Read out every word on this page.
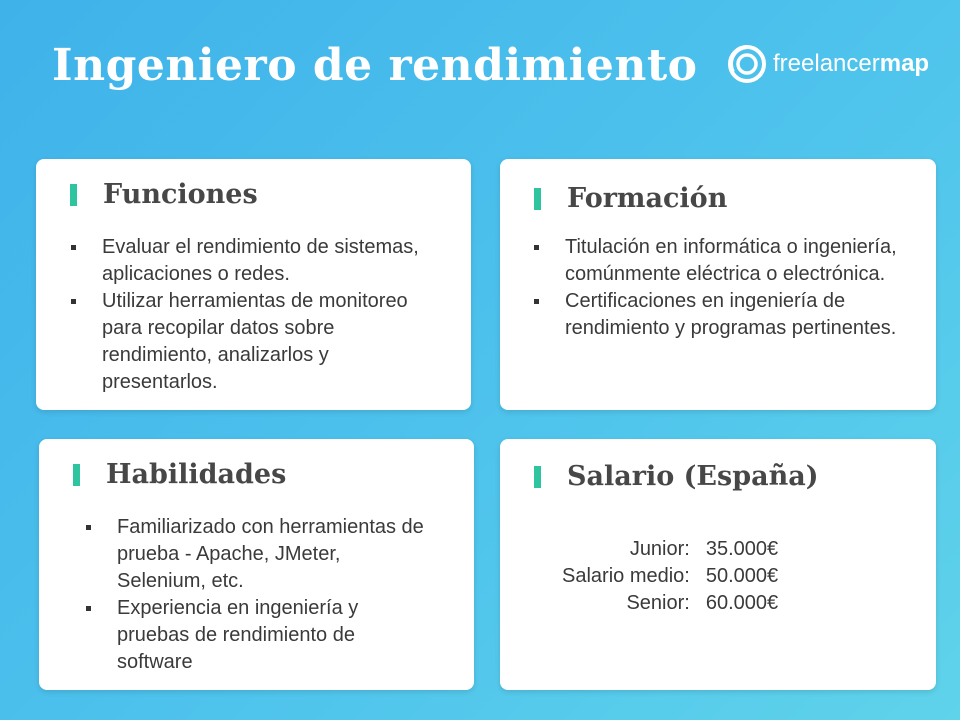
Ingeniero de rendimiento	freelancermap
Funciones
Evaluar el rendimiento de sistemas, aplicaciones o redes.
Utilizar herramientas de monitoreo para recopilar datos sobre rendimiento, analizarlos y presentarlos.
Formación
Titulación en informática o ingeniería, comúnmente eléctrica o electrónica.
Certificaciones en ingeniería de rendimiento y programas pertinentes.
Habilidades
Familiarizado con herramientas de prueba - Apache, JMeter, Selenium, etc.
Experiencia en ingeniería y pruebas de rendimiento de software
Salario (España)
Junior:	35.000€
Salario medio:	50.000€
Senior:	60.000€
